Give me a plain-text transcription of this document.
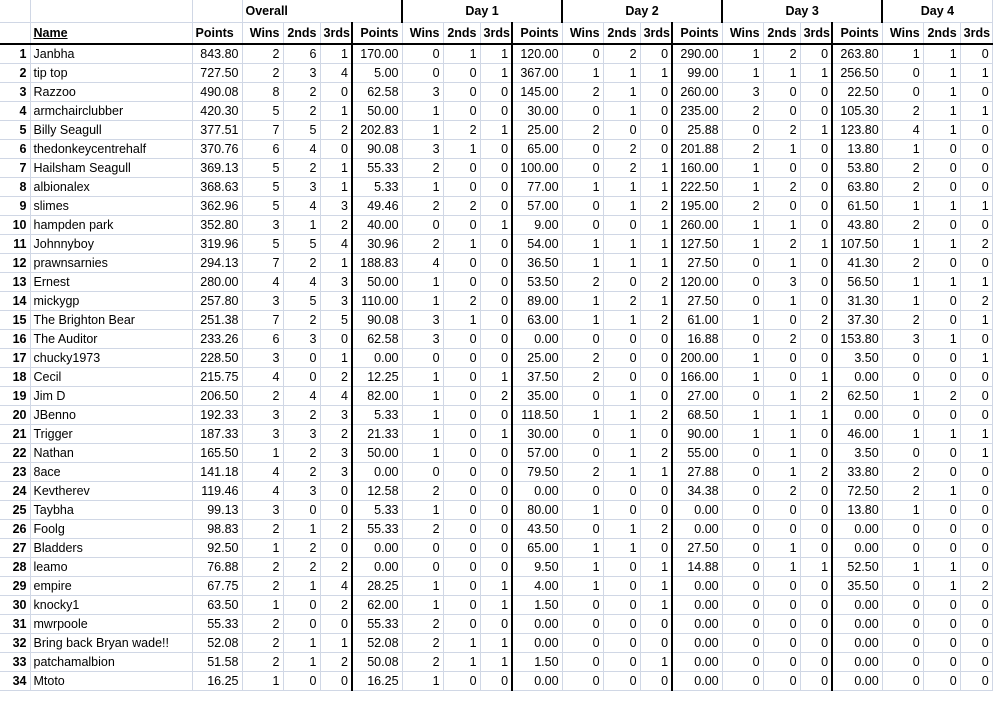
			Overall				Day 1				Day 2				Day 3				Day 4		
	Name	Points	Wins	2nds	3rds	Points	Wins	2nds	3rds	Points	Wins	2nds	3rds	Points	Wins	2nds	3rds	Points	Wins	2nds	3rds
1	Janbha	843.80	2	6	1	170.00	0	1	1	120.00	0	2	0	290.00	1	2	0	263.80	1	1	0
2	tip top	727.50	2	3	4	5.00	0	0	1	367.00	1	1	1	99.00	1	1	1	256.50	0	1	1
3	Razzoo	490.08	8	2	0	62.58	3	0	0	145.00	2	1	0	260.00	3	0	0	22.50	0	1	0
4	armchairclubber	420.30	5	2	1	50.00	1	0	0	30.00	0	1	0	235.00	2	0	0	105.30	2	1	1
5	Billy Seagull	377.51	7	5	2	202.83	1	2	1	25.00	2	0	0	25.88	0	2	1	123.80	4	1	0
6	thedonkeycentrehalf	370.76	6	4	0	90.08	3	1	0	65.00	0	2	0	201.88	2	1	0	13.80	1	0	0
7	Hailsham Seagull	369.13	5	2	1	55.33	2	0	0	100.00	0	2	1	160.00	1	0	0	53.80	2	0	0
8	albionalex	368.63	5	3	1	5.33	1	0	0	77.00	1	1	1	222.50	1	2	0	63.80	2	0	0
9	slimes	362.96	5	4	3	49.46	2	2	0	57.00	0	1	2	195.00	2	0	0	61.50	1	1	1
10	hampden park	352.80	3	1	2	40.00	0	0	1	9.00	0	0	1	260.00	1	1	0	43.80	2	0	0
11	Johnnyboy	319.96	5	5	4	30.96	2	1	0	54.00	1	1	1	127.50	1	2	1	107.50	1	1	2
12	prawnsarnies	294.13	7	2	1	188.83	4	0	0	36.50	1	1	1	27.50	0	1	0	41.30	2	0	0
13	Ernest	280.00	4	4	3	50.00	1	0	0	53.50	2	0	2	120.00	0	3	0	56.50	1	1	1
14	mickygp	257.80	3	5	3	110.00	1	2	0	89.00	1	2	1	27.50	0	1	0	31.30	1	0	2
15	The Brighton Bear	251.38	7	2	5	90.08	3	1	0	63.00	1	1	2	61.00	1	0	2	37.30	2	0	1
16	The Auditor	233.26	6	3	0	62.58	3	0	0	0.00	0	0	0	16.88	0	2	0	153.80	3	1	0
17	chucky1973	228.50	3	0	1	0.00	0	0	0	25.00	2	0	0	200.00	1	0	0	3.50	0	0	1
18	Cecil	215.75	4	0	2	12.25	1	0	1	37.50	2	0	0	166.00	1	0	1	0.00	0	0	0
19	Jim D	206.50	2	4	4	82.00	1	0	2	35.00	0	1	0	27.00	0	1	2	62.50	1	2	0
20	JBenno	192.33	3	2	3	5.33	1	0	0	118.50	1	1	2	68.50	1	1	1	0.00	0	0	0
21	Trigger	187.33	3	3	2	21.33	1	0	1	30.00	0	1	0	90.00	1	1	0	46.00	1	1	1
22	Nathan	165.50	1	2	3	50.00	1	0	0	57.00	0	1	2	55.00	0	1	0	3.50	0	0	1
23	8ace	141.18	4	2	3	0.00	0	0	0	79.50	2	1	1	27.88	0	1	2	33.80	2	0	0
24	Kevtherev	119.46	4	3	0	12.58	2	0	0	0.00	0	0	0	34.38	0	2	0	72.50	2	1	0
25	Taybha	99.13	3	0	0	5.33	1	0	0	80.00	1	0	0	0.00	0	0	0	13.80	1	0	0
26	Foolg	98.83	2	1	2	55.33	2	0	0	43.50	0	1	2	0.00	0	0	0	0.00	0	0	0
27	Bladders	92.50	1	2	0	0.00	0	0	0	65.00	1	1	0	27.50	0	1	0	0.00	0	0	0
28	leamo	76.88	2	2	2	0.00	0	0	0	9.50	1	0	1	14.88	0	1	1	52.50	1	1	0
29	empire	67.75	2	1	4	28.25	1	0	1	4.00	1	0	1	0.00	0	0	0	35.50	0	1	2
30	knocky1	63.50	1	0	2	62.00	1	0	1	1.50	0	0	1	0.00	0	0	0	0.00	0	0	0
31	mwrpoole	55.33	2	0	0	55.33	2	0	0	0.00	0	0	0	0.00	0	0	0	0.00	0	0	0
32	Bring back Bryan wade!!	52.08	2	1	1	52.08	2	1	1	0.00	0	0	0	0.00	0	0	0	0.00	0	0	0
33	patchamalbion	51.58	2	1	2	50.08	2	1	1	1.50	0	0	1	0.00	0	0	0	0.00	0	0	0
34	Mtoto	16.25	1	0	0	16.25	1	0	0	0.00	0	0	0	0.00	0	0	0	0.00	0	0	0
